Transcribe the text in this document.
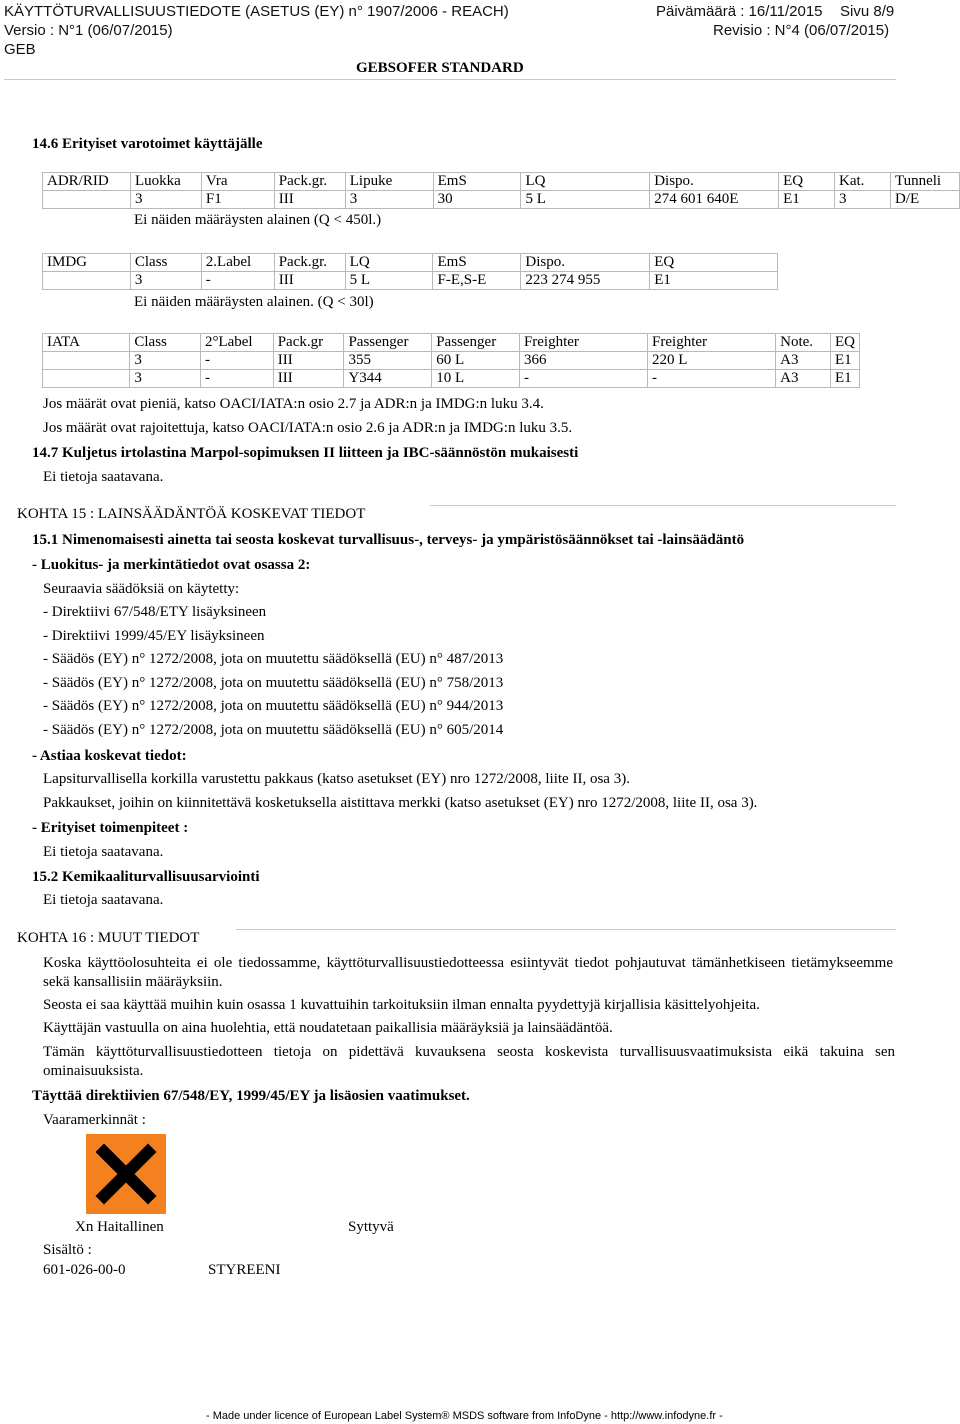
KÄYTTÖTURVALLISUUSTIEDOTE (ASETUS (EY) n° 1907/2006 - REACH)	Päivämäärä : 16/11/2015 Sivu 8/9
Versio : N°1 (06/07/2015)	Revisio : N°4 (06/07/2015)
GEB
GEBSOFER STANDARD
14.6 Erityiset varotoimet käyttäjälle
ADR/RID	Luokka	Vra	Pack.gr.	Lipuke	EmS	LQ	Dispo.	EQ	Kat.	Tunneli
	3	F1	III	3	30	5 L	274 601 640E	E1	3	D/E
Ei näiden määräysten alainen (Q < 450l.)
IMDG	Class	2.Label	Pack.gr.	LQ	EmS	Dispo.	EQ
	3	-	III	5 L	F-E,S-E	223 274 955	E1
Ei näiden määräysten alainen. (Q < 30l)
IATA	Class	2°Label	Pack.gr	Passenger	Passenger	Freighter	Freighter	Note.	EQ
	3	-	III	355	60 L	366	220 L	A3	E1
	3	-	III	Y344	10 L	-	-	A3	E1
Jos määrät ovat pieniä, katso OACI/IATA:n osio 2.7 ja ADR:n ja IMDG:n luku 3.4.
Jos määrät ovat rajoitettuja, katso OACI/IATA:n osio 2.6 ja ADR:n ja IMDG:n luku 3.5.
14.7 Kuljetus irtolastina Marpol-sopimuksen II liitteen ja IBC-säännöstön mukaisesti
Ei tietoja saatavana.
KOHTA 15 : LAINSÄÄDÄNTÖÄ KOSKEVAT TIEDOT
15.1 Nimenomaisesti ainetta tai seosta koskevat turvallisuus-, terveys- ja ympäristösäännökset tai -lainsäädäntö
- Luokitus- ja merkintätiedot ovat osassa 2:
Seuraavia säädöksiä on käytetty:
- Direktiivi 67/548/ETY lisäyksineen
- Direktiivi 1999/45/EY lisäyksineen
- Säädös (EY) n° 1272/2008, jota on muutettu säädöksellä (EU) n° 487/2013
- Säädös (EY) n° 1272/2008, jota on muutettu säädöksellä (EU) n° 758/2013
- Säädös (EY) n° 1272/2008, jota on muutettu säädöksellä (EU) n° 944/2013
- Säädös (EY) n° 1272/2008, jota on muutettu säädöksellä (EU) n° 605/2014
- Astiaa koskevat tiedot:
Lapsiturvallisella korkilla varustettu pakkaus (katso asetukset (EY) nro 1272/2008, liite II, osa 3).
Pakkaukset, joihin on kiinnitettävä kosketuksella aistittava merkki (katso asetukset (EY) nro 1272/2008, liite II, osa 3).
- Erityiset toimenpiteet :
Ei tietoja saatavana.
15.2 Kemikaaliturvallisuusarviointi
Ei tietoja saatavana.
KOHTA 16 : MUUT TIEDOT
Koska käyttöolosuhteita ei ole tiedossamme, käyttöturvallisuustiedotteessa esiintyvät tiedot pohjautuvat tämänhetkiseen tietämykseemme sekä kansallisiin määräyksiin.
Seosta ei saa käyttää muihin kuin osassa 1 kuvattuihin tarkoituksiin ilman ennalta pyydettyjä kirjallisia käsittelyohjeita.
Käyttäjän vastuulla on aina huolehtia, että noudatetaan paikallisia määräyksiä ja lainsäädäntöä.
Tämän käyttöturvallisuustiedotteen tietoja on pidettävä kuvauksena seosta koskevista turvallisuusvaatimuksista eikä takuina sen ominaisuuksista.
Täyttää direktiivien 67/548/EY, 1999/45/EY ja lisäosien vaatimukset.
Vaaramerkinnät :
Xn Haitallinen	Syttyvä
Sisältö :
601-026-00-0	STYREENI
- Made under licence of European Label System® MSDS software from InfoDyne - http://www.infodyne.fr -
